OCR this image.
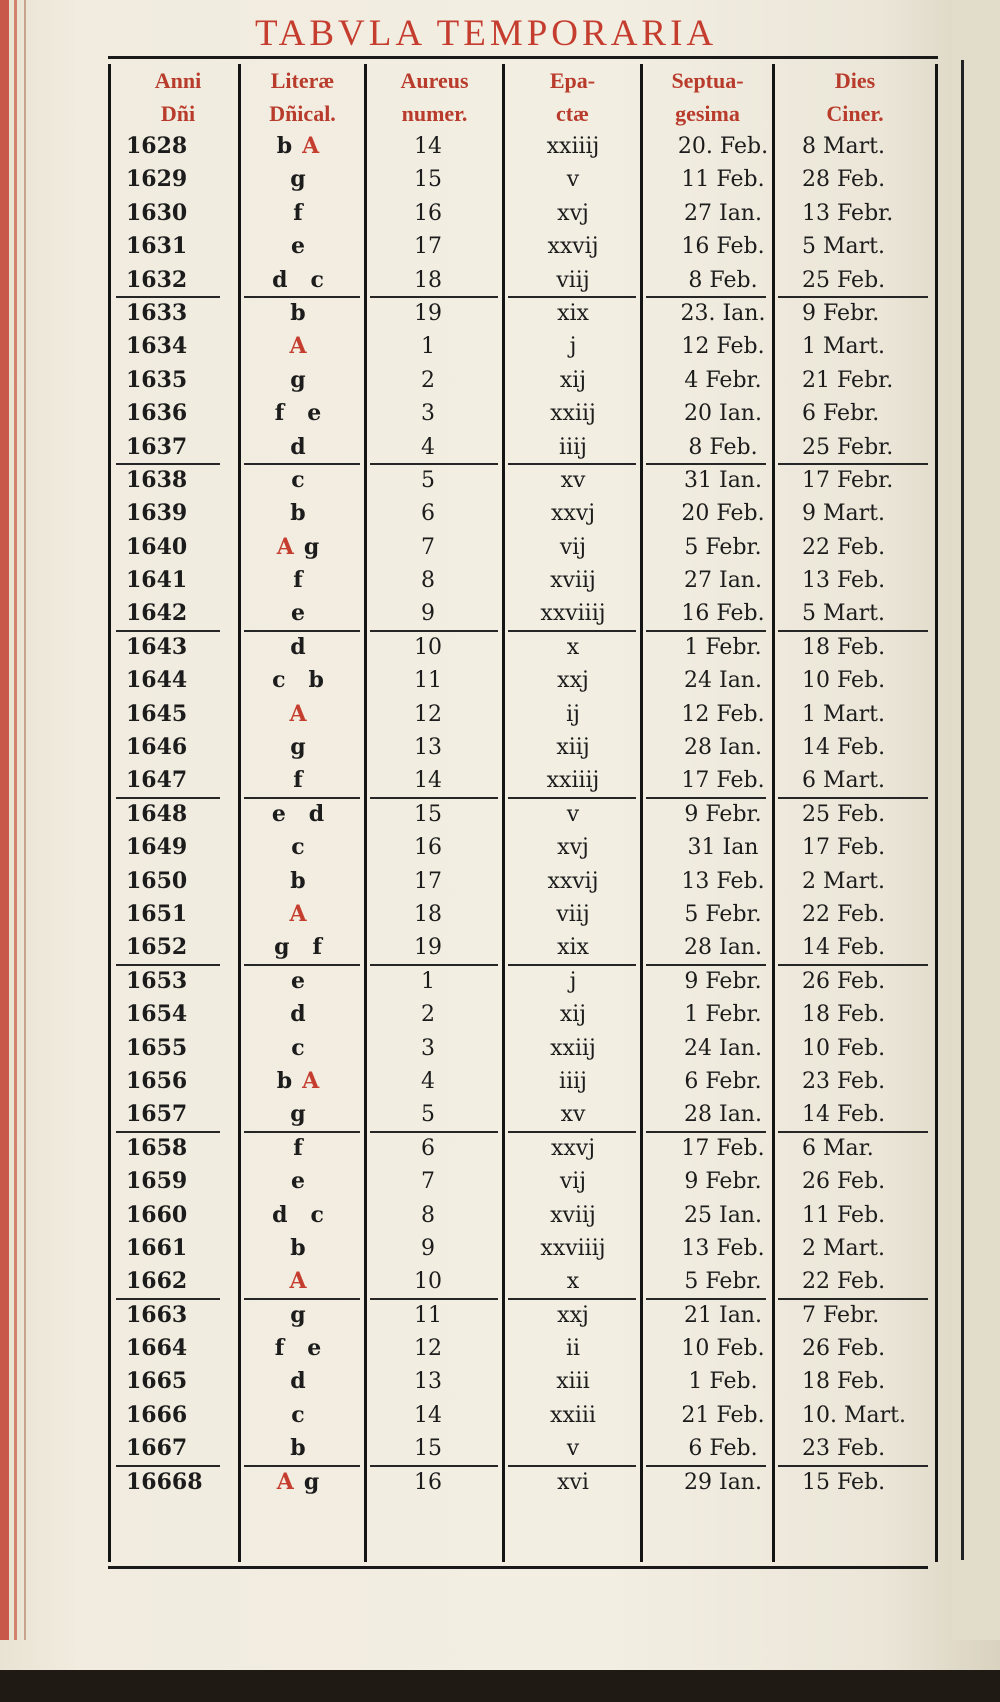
TABVLA TEMPORARIA
Anni
Dñi
Literæ
Dñical.
Aureus
numer.
Epa-
ctæ
Septua-
gesima
Dies
Ciner.
1628	b A	14	xxiiij	20. Feb.	8 Mart.
1629	g	15	v	11 Feb.	28 Feb.
1630	f	16	xvj	27 Ian.	13 Febr.
1631	e	17	xxvij	16 Feb.	5 Mart.
1632	d   c	18	viij	8 Feb.	25 Feb.
1633	b	19	xix	23. Ian.	9 Febr.
1634	A	1	j	12 Feb.	1 Mart.
1635	g	2	xij	4 Febr.	21 Febr.
1636	f   e	3	xxiij	20 Ian.	6 Febr.
1637	d	4	iiij	8 Feb.	25 Febr.
1638	c	5	xv	31 Ian.	17 Febr.
1639	b	6	xxvj	20 Feb.	9 Mart.
1640	A g	7	vij	5 Febr.	22 Feb.
1641	f	8	xviij	27 Ian.	13 Feb.
1642	e	9	xxviiij	16 Feb.	5 Mart.
1643	d	10	x	1 Febr.	18 Feb.
1644	c   b	11	xxj	24 Ian.	10 Feb.
1645	A	12	ij	12 Feb.	1 Mart.
1646	g	13	xiij	28 Ian.	14 Feb.
1647	f	14	xxiiij	17 Feb.	6 Mart.
1648	e   d	15	v	9 Febr.	25 Feb.
1649	c	16	xvj	31 Ian	17 Feb.
1650	b	17	xxvij	13 Feb.	2 Mart.
1651	A	18	viij	5 Febr.	22 Feb.
1652	g   f	19	xix	28 Ian.	14 Feb.
1653	e	1	j	9 Febr.	26 Feb.
1654	d	2	xij	1 Febr.	18 Feb.
1655	c	3	xxiij	24 Ian.	10 Feb.
1656	b A	4	iiij	6 Febr.	23 Feb.
1657	g	5	xv	28 Ian.	14 Feb.
1658	f	6	xxvj	17 Feb.	6 Mar.
1659	e	7	vij	9 Febr.	26 Feb.
1660	d   c	8	xviij	25 Ian.	11 Feb.
1661	b	9	xxviiij	13 Feb.	2 Mart.
1662	A	10	x	5 Febr.	22 Feb.
1663	g	11	xxj	21 Ian.	7 Febr.
1664	f   e	12	ii	10 Feb.	26 Feb.
1665	d	13	xiii	1 Feb.	18 Feb.
1666	c	14	xxiii	21 Feb.	10. Mart.
1667	b	15	v	6 Feb.	23 Feb.
16668	A g	16	xvi	29 Ian.	15 Feb.
